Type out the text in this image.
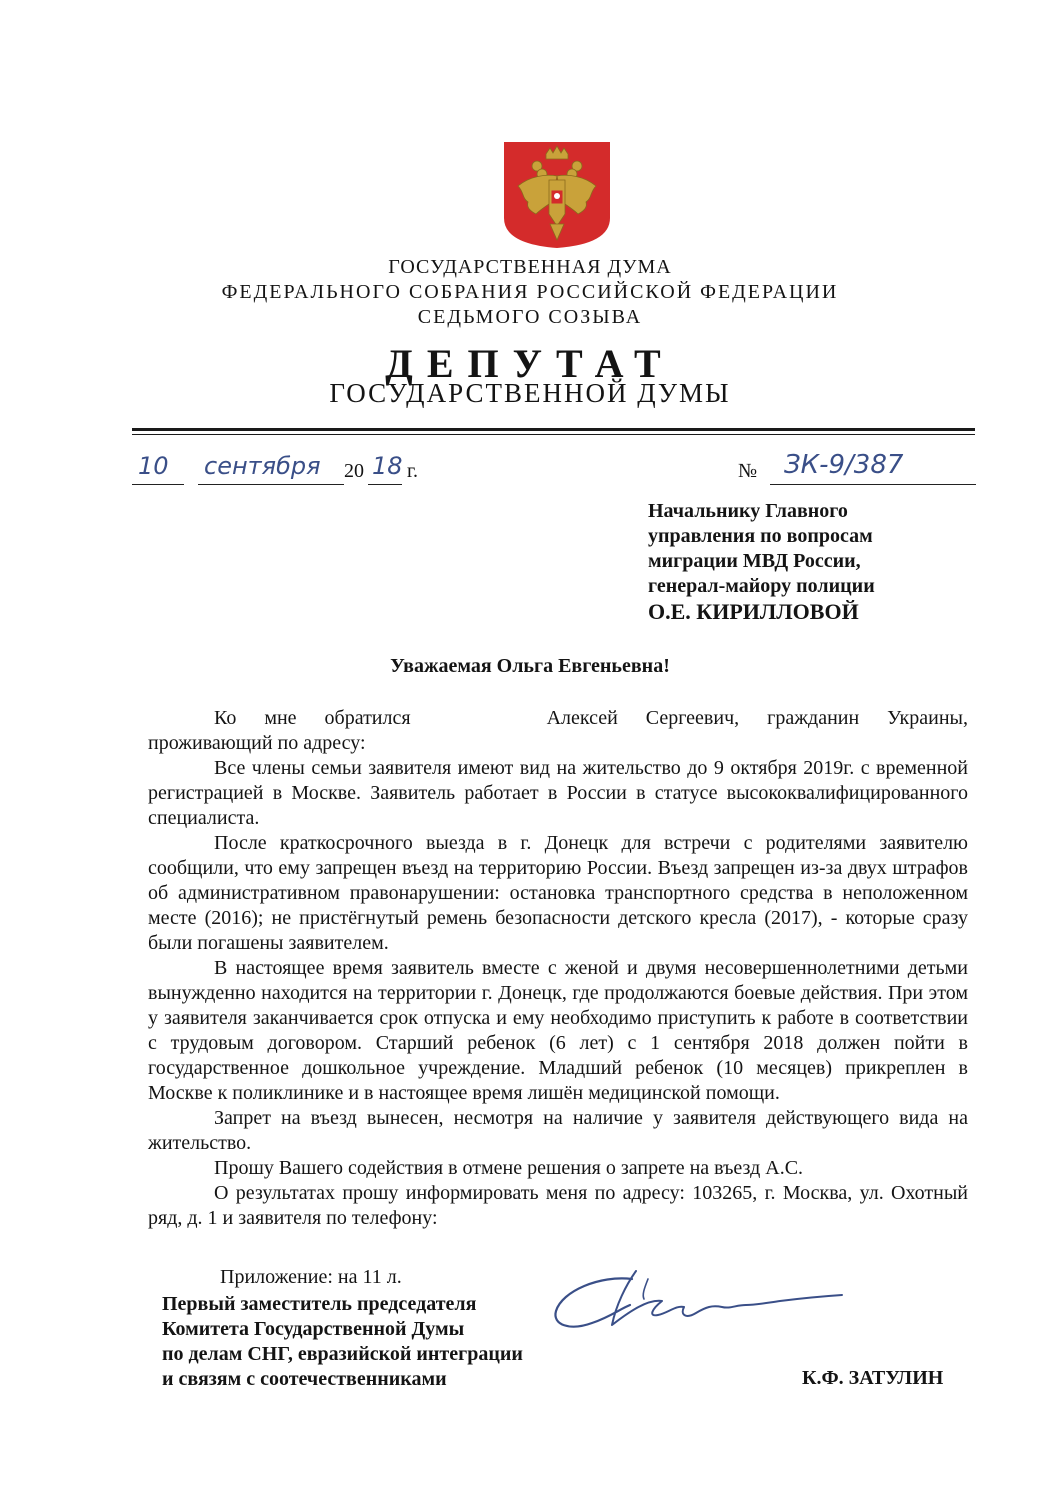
ГОСУДАРСТВЕННАЯ ДУМА
ФЕДЕРАЛЬНОГО СОБРАНИЯ РОССИЙСКОЙ ФЕДЕРАЦИИ
СЕДЬМОГО СОЗЫВА
ДЕПУТАТ
ГОСУДАРСТВЕННОЙ ДУМЫ
10 сентября 20 18 г.	№ ЗК-9/387
Начальнику Главного
управления по вопросам
миграции МВД России,
генерал-майору полиции
О.Е. КИРИЛЛОВОЙ
Уважаемая Ольга Евгеньевна!

Ко мне обратился	Алексей Сергеевич, гражданин Украины, проживающий по адресу:

Все члены семьи заявителя имеют вид на жительство до 9 октября 2019г. с временной регистрацией в Москве. Заявитель работает в России в статусе высококвалифицированного специалиста.

После краткосрочного выезда в г. Донецк для встречи с родителями заявителю сообщили, что ему запрещен въезд на территорию России. Въезд запрещен из-за двух штрафов об административном правонарушении: остановка транспортного средства в неположенном месте (2016); не пристёгнутый ремень безопасности детского кресла (2017), - которые сразу были погашены заявителем.

В настоящее время заявитель вместе с женой и двумя несовершеннолетними детьми вынужденно находится на территории г. Донецк, где продолжаются боевые действия. При этом у заявителя заканчивается срок отпуска и ему необходимо приступить к работе в соответствии с трудовым договором. Старший ребенок (6 лет) с 1 сентября 2018 должен пойти в государственное дошкольное учреждение. Младший ребенок (10 месяцев) прикреплен в Москве к поликлинике и в настоящее время лишён медицинской помощи.

Запрет на въезд вынесен, несмотря на наличие у заявителя действующего вида на жительство.

Прошу Вашего содействия в отмене решения о запрете на въезд А.С.

О результатах прошу информировать меня по адресу: 103265, г. Москва, ул. Охотный ряд, д. 1 и заявителя по телефону:

Приложение: на 11 л.
Первый заместитель председателя
Комитета Государственной Думы
по делам СНГ, евразийской интеграции
и связям с соотечественниками	К.Ф. ЗАТУЛИН
